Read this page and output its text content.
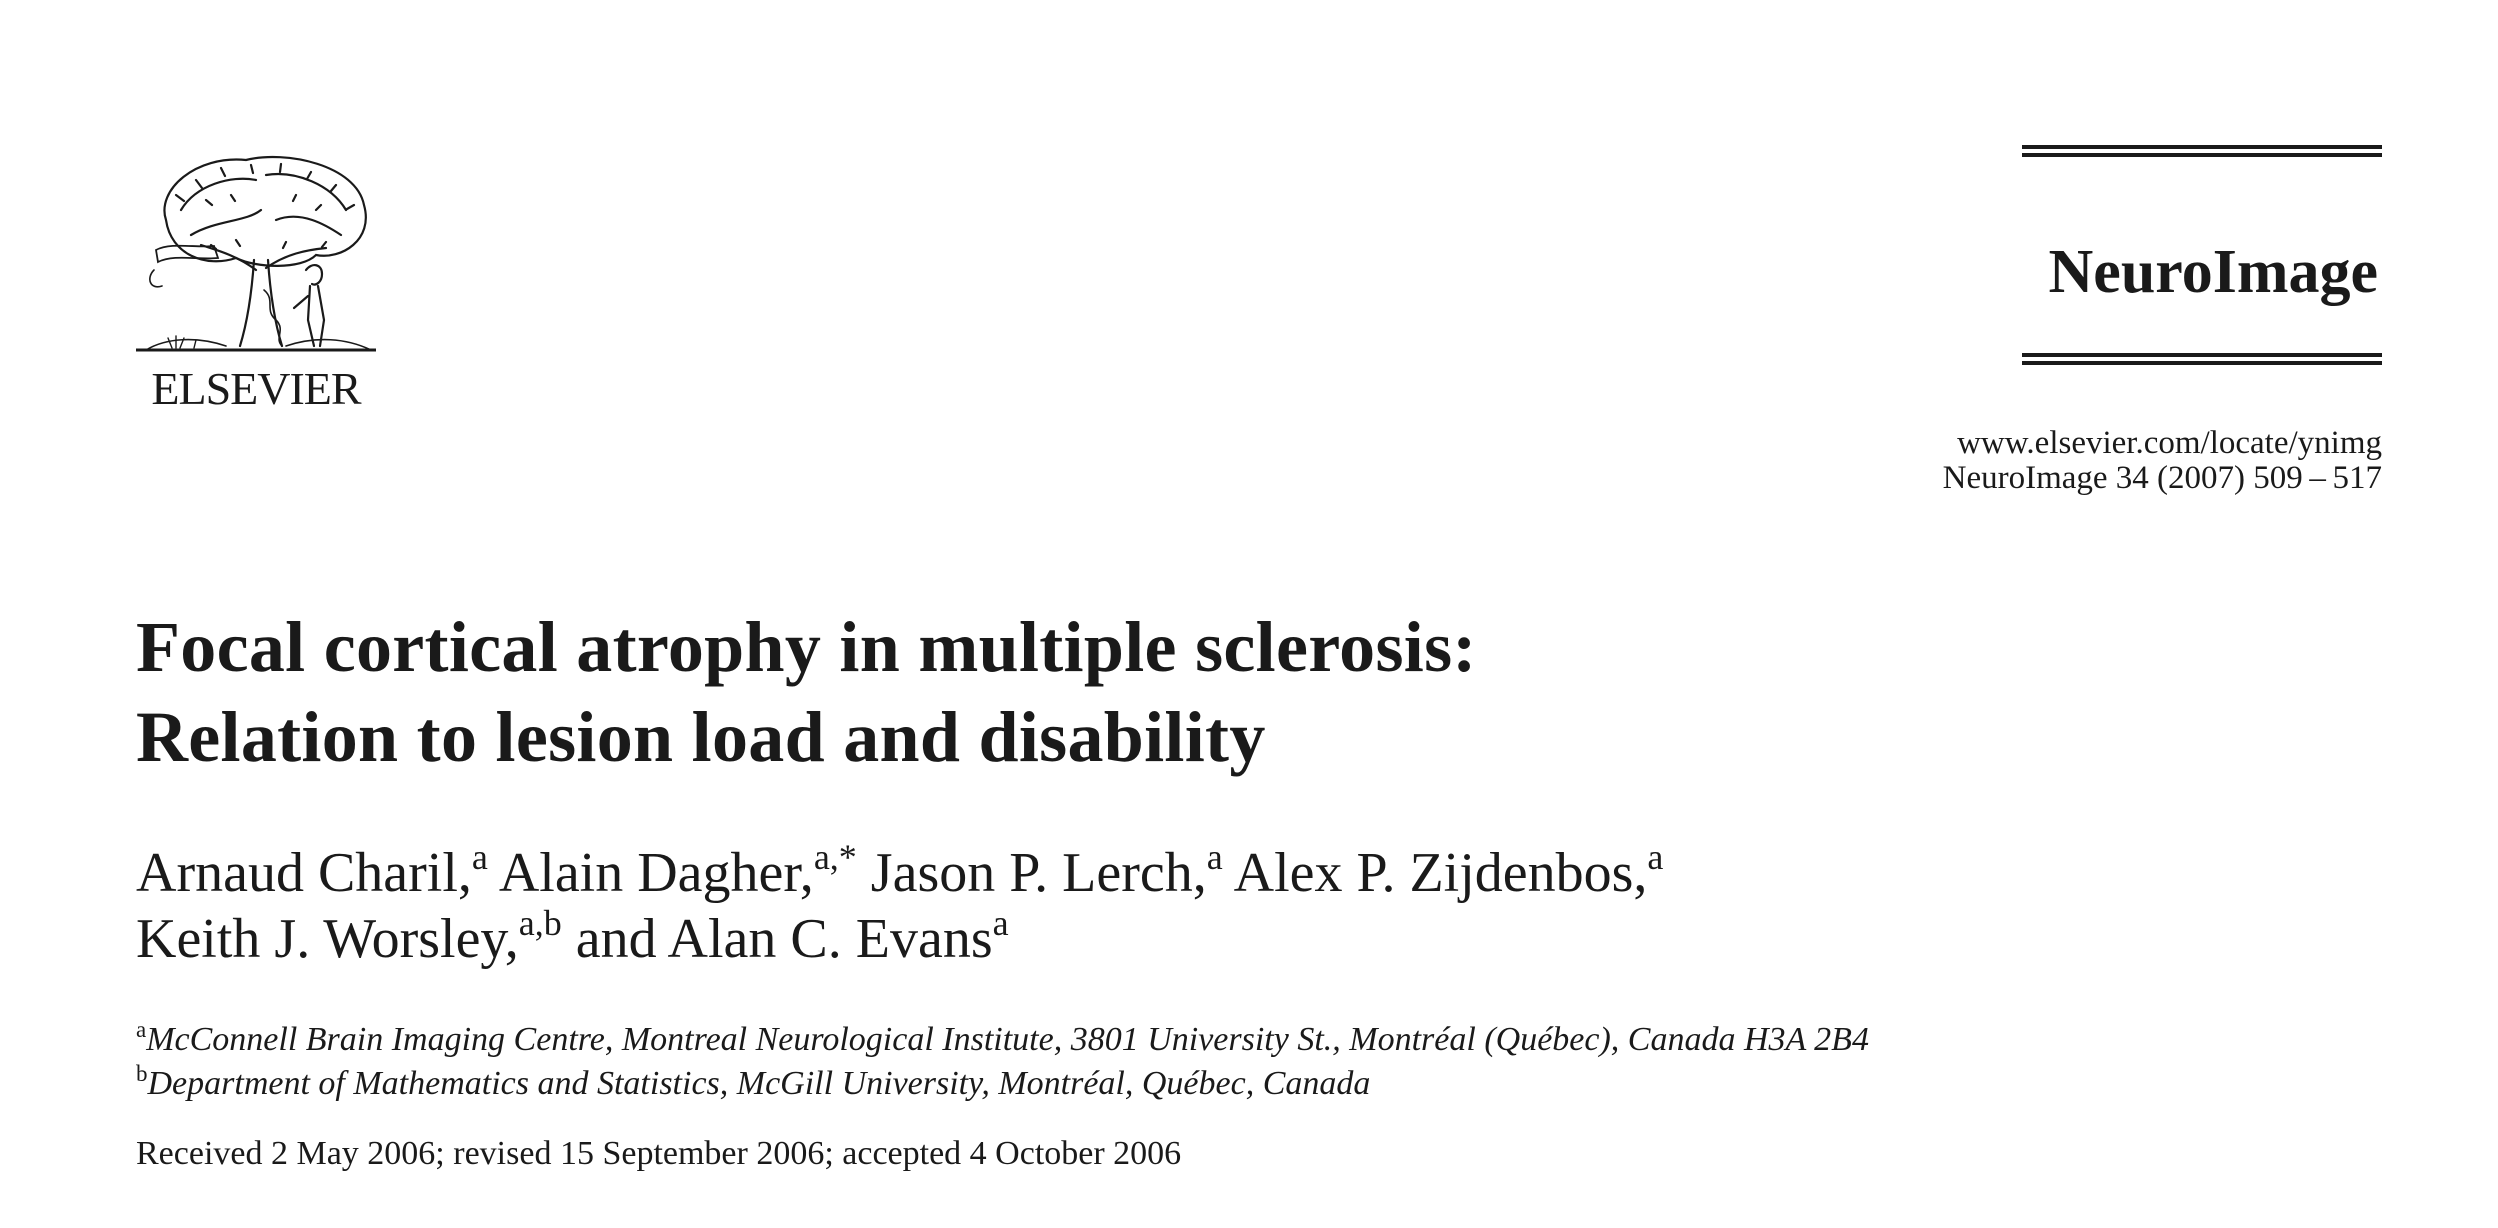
ELSEVIER
NeuroImage
www.elsevier.com/locate/ynimg
NeuroImage 34 (2007) 509 – 517
Focal cortical atrophy in multiple sclerosis:
Relation to lesion load and disability
Arnaud Charil,$^a$ Alain Dagher,$^{a,*}$ Jason P. Lerch,$^a$ Alex P. Zijdenbos,$^a$
Keith J. Worsley,$^{a,b}$ and Alan C. Evans$^a$
$^a$McConnell Brain Imaging Centre, Montreal Neurological Institute, 3801 University St., Montréal (Québec), Canada H3A 2B4
$^b$Department of Mathematics and Statistics, McGill University, Montréal, Québec, Canada
Received 2 May 2006; revised 15 September 2006; accepted 4 October 2006
